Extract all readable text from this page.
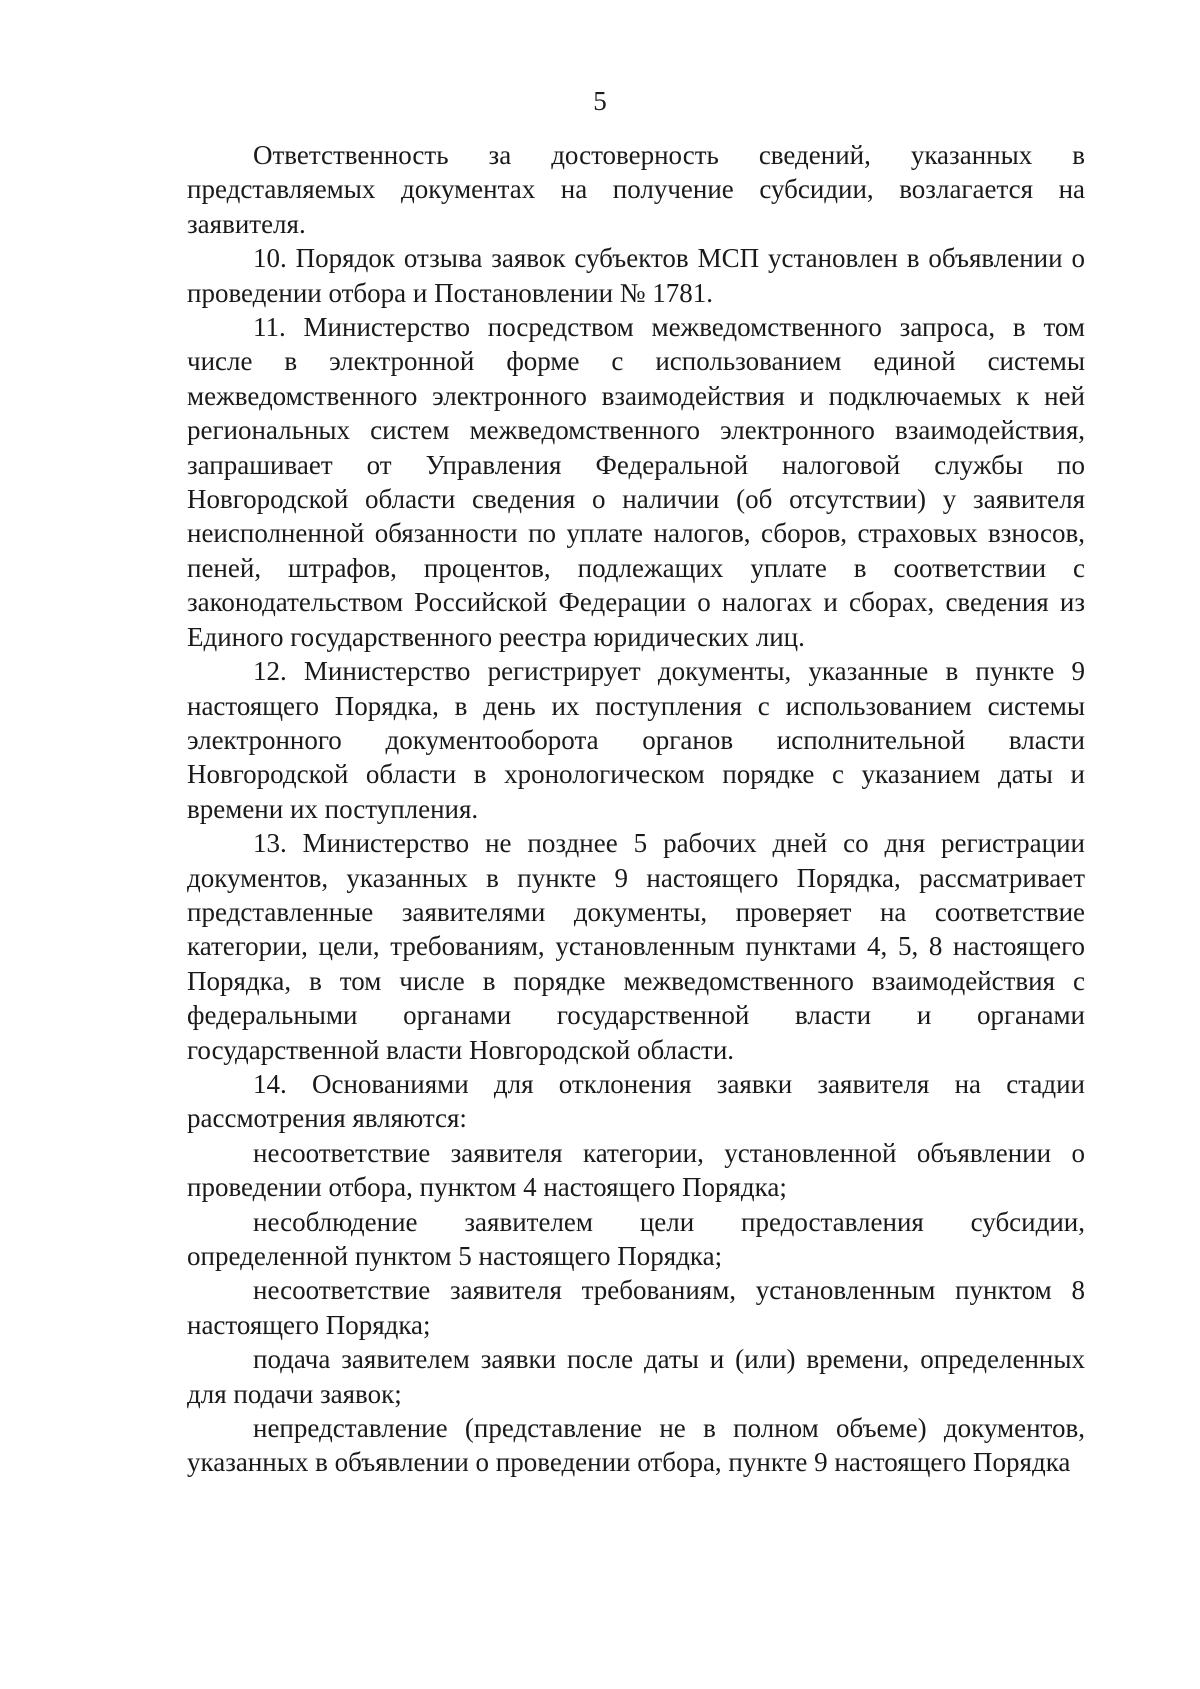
5

Ответственность за достоверность сведений, указанных в представляемых документах на получение субсидии, возлагается на заявителя.

10. Порядок отзыва заявок субъектов МСП установлен в объявлении о проведении отбора и Постановлении № 1781.

11. Министерство посредством межведомственного запроса, в том числе в электронной форме с использованием единой системы межведомственного электронного взаимодействия и подключаемых к ней региональных систем межведомственного электронного взаимодействия, запрашивает от Управления Федеральной налоговой службы по Новгородской области сведения о наличии (об отсутствии) у заявителя неисполненной обязанности по уплате налогов, сборов, страховых взносов, пеней, штрафов, процентов, подлежащих уплате в соответствии с законодательством Российской Федерации о налогах и сборах, сведения из Единого государственного реестра юридических лиц.

12. Министерство регистрирует документы, указанные в пункте 9 настоящего Порядка, в день их поступления с использованием системы электронного документооборота органов исполнительной власти Новгородской области в хронологическом порядке с указанием даты и времени их поступления.

13. Министерство не позднее 5 рабочих дней со дня регистрации документов, указанных в пункте 9 настоящего Порядка, рассматривает представленные заявителями документы, проверяет на соответствие категории, цели, требованиям, установленным пунктами 4, 5, 8 настоящего Порядка, в том числе в порядке межведомственного взаимодействия с федеральными органами государственной власти и органами государственной власти Новгородской области.

14. Основаниями для отклонения заявки заявителя на стадии рассмотрения являются:

несоответствие заявителя категории, установленной объявлении о проведении отбора, пунктом 4 настоящего Порядка;

несоблюдение заявителем цели предоставления субсидии, определенной пунктом 5 настоящего Порядка;

несоответствие заявителя требованиям, установленным пунктом 8 настоящего Порядка;

подача заявителем заявки после даты и (или) времени, определенных для подачи заявок;

непредставление (представление не в полном объеме) документов, указанных в объявлении о проведении отбора, пункте 9 настоящего Порядка
